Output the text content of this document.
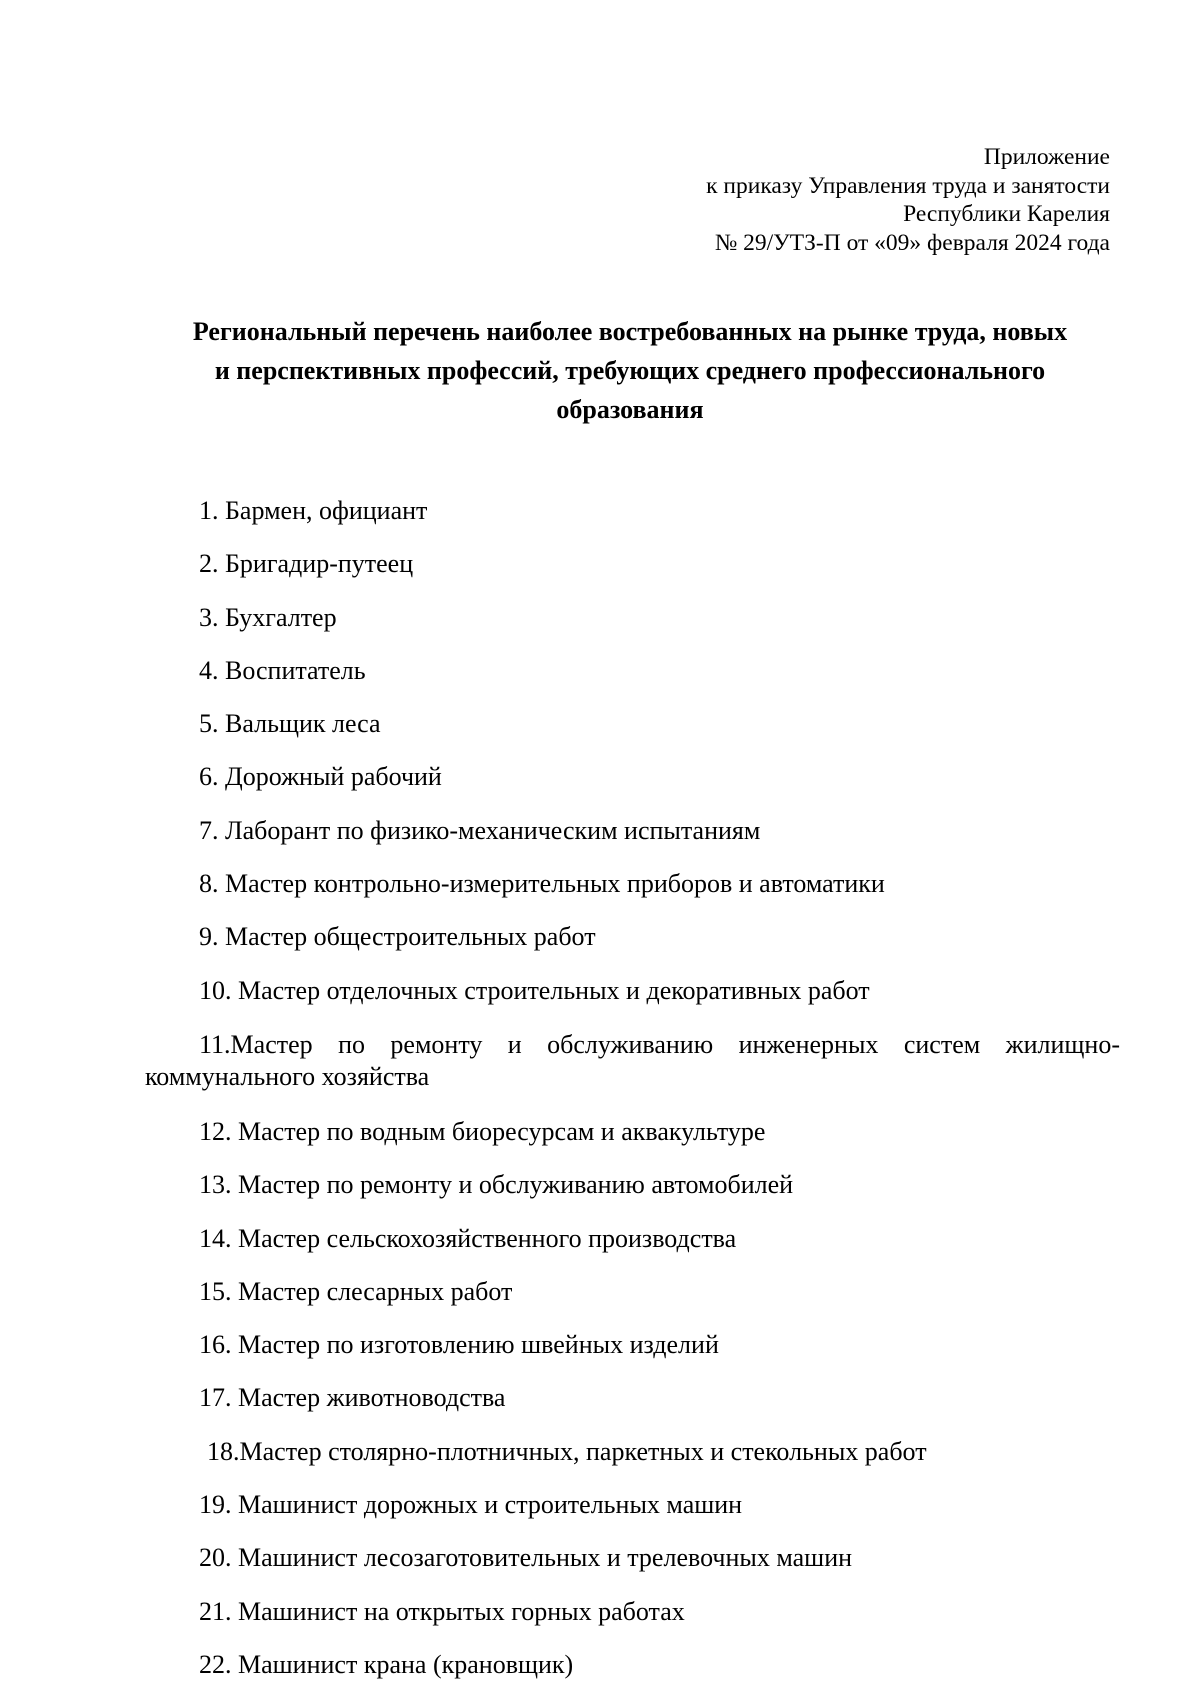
Приложение
к приказу Управления труда и занятости
Республики Карелия
№ 29/УТЗ-П от «09» февраля 2024 года
Региональный перечень наиболее востребованных на рынке труда, новых
и перспективных профессий, требующих среднего профессионального
образования
1. Бармен, официант
2. Бригадир-путеец
3. Бухгалтер
4. Воспитатель
5. Вальщик леса
6. Дорожный рабочий
7. Лаборант по физико-механическим испытаниям
8. Мастер контрольно-измерительных приборов и автоматики
9. Мастер общестроительных работ
10. Мастер отделочных строительных и декоративных работ
11.Мастер по ремонту и обслуживанию инженерных систем жилищно-коммунального хозяйства
12. Мастер по водным биоресурсам и аквакультуре
13. Мастер по ремонту и обслуживанию автомобилей
14. Мастер сельскохозяйственного производства
15. Мастер слесарных работ
16. Мастер по изготовлению швейных изделий
17. Мастер животноводства
18.Мастер столярно-плотничных, паркетных и стекольных работ
19. Машинист дорожных и строительных машин
20. Машинист лесозаготовительных и трелевочных машин
21. Машинист на открытых горных работах
22. Машинист крана (крановщик)
